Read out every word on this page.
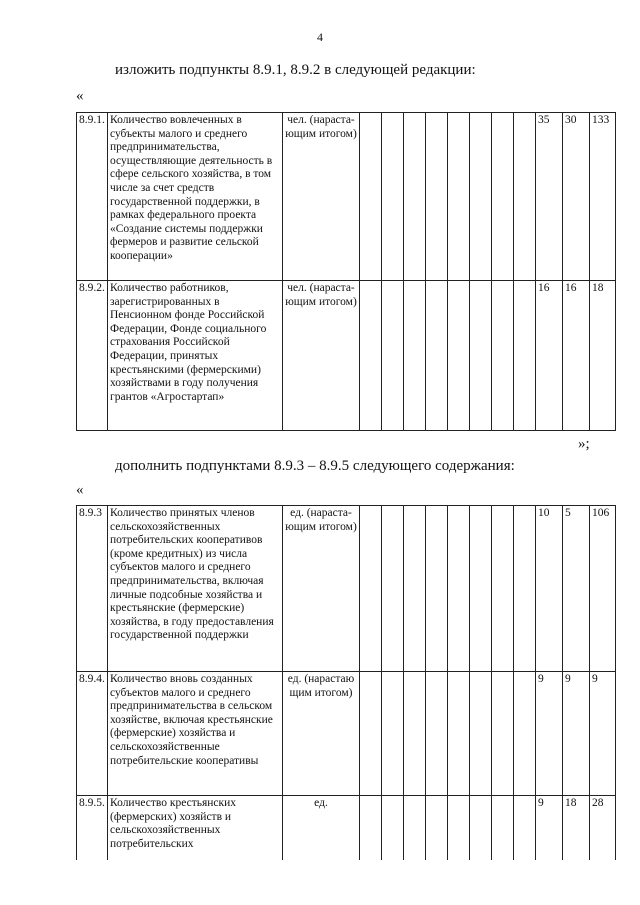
4
изложить подпункты 8.9.1, 8.9.2 в следующей редакции:
«
8.9.1.	Количество вовлеченных в субъекты малого и среднего предпринимательства, осуществляющие деятельность в сфере сельского хозяйства, в том числе за счет средств государственной поддержки, в рамках федерального проекта «Создание системы поддержки фермеров и развитие сельской кооперации»	чел. (нараста-ющим итогом)									35	30	133
8.9.2.	Количество работников, зарегистрированных в Пенсионном фонде Российской Федерации, Фонде социального страхования Российской Федерации, принятых крестьянскими (фермерскими) хозяйствами в году получения грантов «Агростартап»	чел. (нараста-ющим итогом)									16	16	18
»;
дополнить подпунктами 8.9.3 – 8.9.5 следующего содержания:
«
8.9.3	Количество принятых членов сельскохозяйственных потребительских кооперативов (кроме кредитных) из числа субъектов малого и среднего предпринимательства, включая личные подсобные хозяйства и крестьянские (фермерские) хозяйства, в году предоставления государственной поддержки	ед. (нараста-ющим итогом)									10	5	106
8.9.4.	Количество вновь созданных субъектов малого и среднего предпринимательства в сельском хозяйстве, включая крестьянские (фермерские) хозяйства и сельскохозяйственные потребительские кооперативы	ед. (нарастаю щим итогом)									9	9	9
8.9.5.	Количество крестьянских (фермерских) хозяйств и сельскохозяйственных потребительских	ед.									9	18	28
